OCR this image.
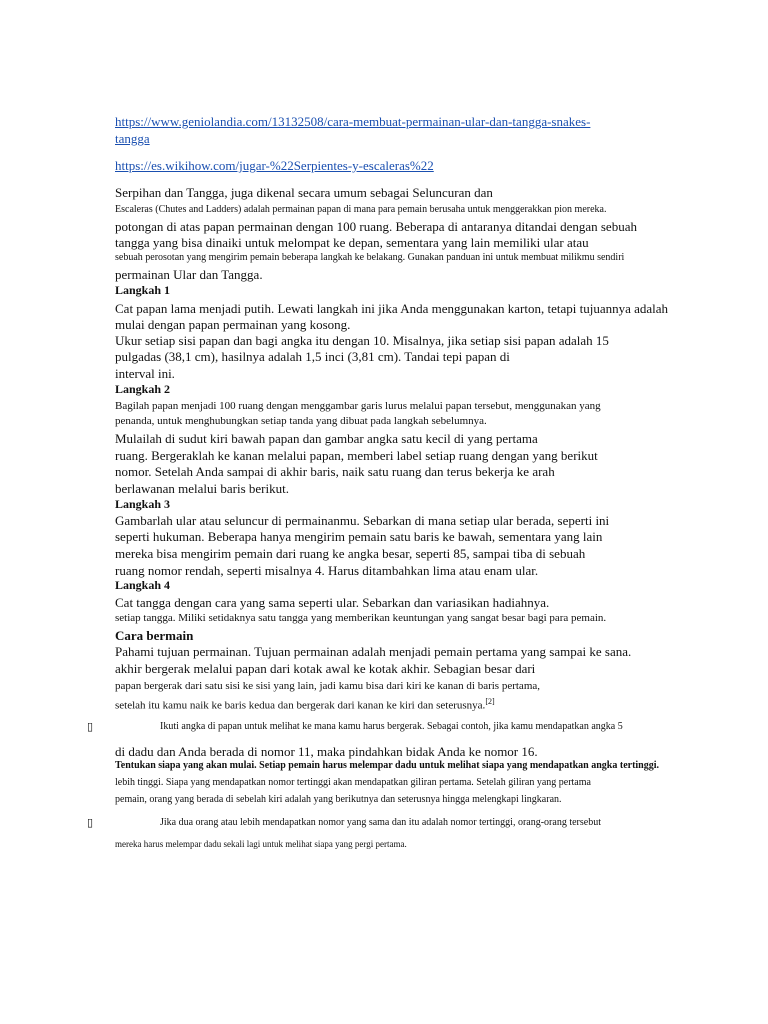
https://www.geniolandia.com/13132508/cara-membuat-permainan-ular-dan-tangga-snakes-
tangga
https://es.wikihow.com/jugar-%22Serpientes-y-escaleras%22
Serpihan dan Tangga, juga dikenal secara umum sebagai Seluncuran dan
Escaleras (Chutes and Ladders) adalah permainan papan di mana para pemain berusaha untuk menggerakkan pion mereka.
potongan di atas papan permainan dengan 100 ruang. Beberapa di antaranya ditandai dengan sebuah
tangga yang bisa dinaiki untuk melompat ke depan, sementara yang lain memiliki ular atau
sebuah perosotan yang mengirim pemain beberapa langkah ke belakang. Gunakan panduan ini untuk membuat milikmu sendiri
permainan Ular dan Tangga.
Langkah 1
Cat papan lama menjadi putih. Lewati langkah ini jika Anda menggunakan karton, tetapi tujuannya adalah
mulai dengan papan permainan yang kosong.
Ukur setiap sisi papan dan bagi angka itu dengan 10. Misalnya, jika setiap sisi papan adalah 15
pulgadas (38,1 cm), hasilnya adalah 1,5 inci (3,81 cm). Tandai tepi papan di
interval ini.
Langkah 2
Bagilah papan menjadi 100 ruang dengan menggambar garis lurus melalui papan tersebut, menggunakan yang
penanda, untuk menghubungkan setiap tanda yang dibuat pada langkah sebelumnya.
Mulailah di sudut kiri bawah papan dan gambar angka satu kecil di yang pertama
ruang. Bergeraklah ke kanan melalui papan, memberi label setiap ruang dengan yang berikut
nomor. Setelah Anda sampai di akhir baris, naik satu ruang dan terus bekerja ke arah
berlawanan melalui baris berikut.
Langkah 3
Gambarlah ular atau seluncur di permainanmu. Sebarkan di mana setiap ular berada, seperti ini
seperti hukuman. Beberapa hanya mengirim pemain satu baris ke bawah, sementara yang lain
mereka bisa mengirim pemain dari ruang ke angka besar, seperti 85, sampai tiba di sebuah
ruang nomor rendah, seperti misalnya 4. Harus ditambahkan lima atau enam ular.
Langkah 4
Cat tangga dengan cara yang sama seperti ular. Sebarkan dan variasikan hadiahnya.
setiap tangga. Miliki setidaknya satu tangga yang memberikan keuntungan yang sangat besar bagi para pemain.
Cara bermain
Pahami tujuan permainan. Tujuan permainan adalah menjadi pemain pertama yang sampai ke sana.
akhir bergerak melalui papan dari kotak awal ke kotak akhir. Sebagian besar dari
papan bergerak dari satu sisi ke sisi yang lain, jadi kamu bisa dari kiri ke kanan di baris pertama,
setelah itu kamu naik ke baris kedua dan bergerak dari kanan ke kiri dan seterusnya.[2]
▯	Ikuti angka di papan untuk melihat ke mana kamu harus bergerak. Sebagai contoh, jika kamu mendapatkan angka 5
di dadu dan Anda berada di nomor 11, maka pindahkan bidak Anda ke nomor 16.
Tentukan siapa yang akan mulai. Setiap pemain harus melempar dadu untuk melihat siapa yang mendapatkan angka tertinggi.
lebih tinggi. Siapa yang mendapatkan nomor tertinggi akan mendapatkan giliran pertama. Setelah giliran yang pertama
pemain, orang yang berada di sebelah kiri adalah yang berikutnya dan seterusnya hingga melengkapi lingkaran.
▯	Jika dua orang atau lebih mendapatkan nomor yang sama dan itu adalah nomor tertinggi, orang-orang tersebut
mereka harus melempar dadu sekali lagi untuk melihat siapa yang pergi pertama.
